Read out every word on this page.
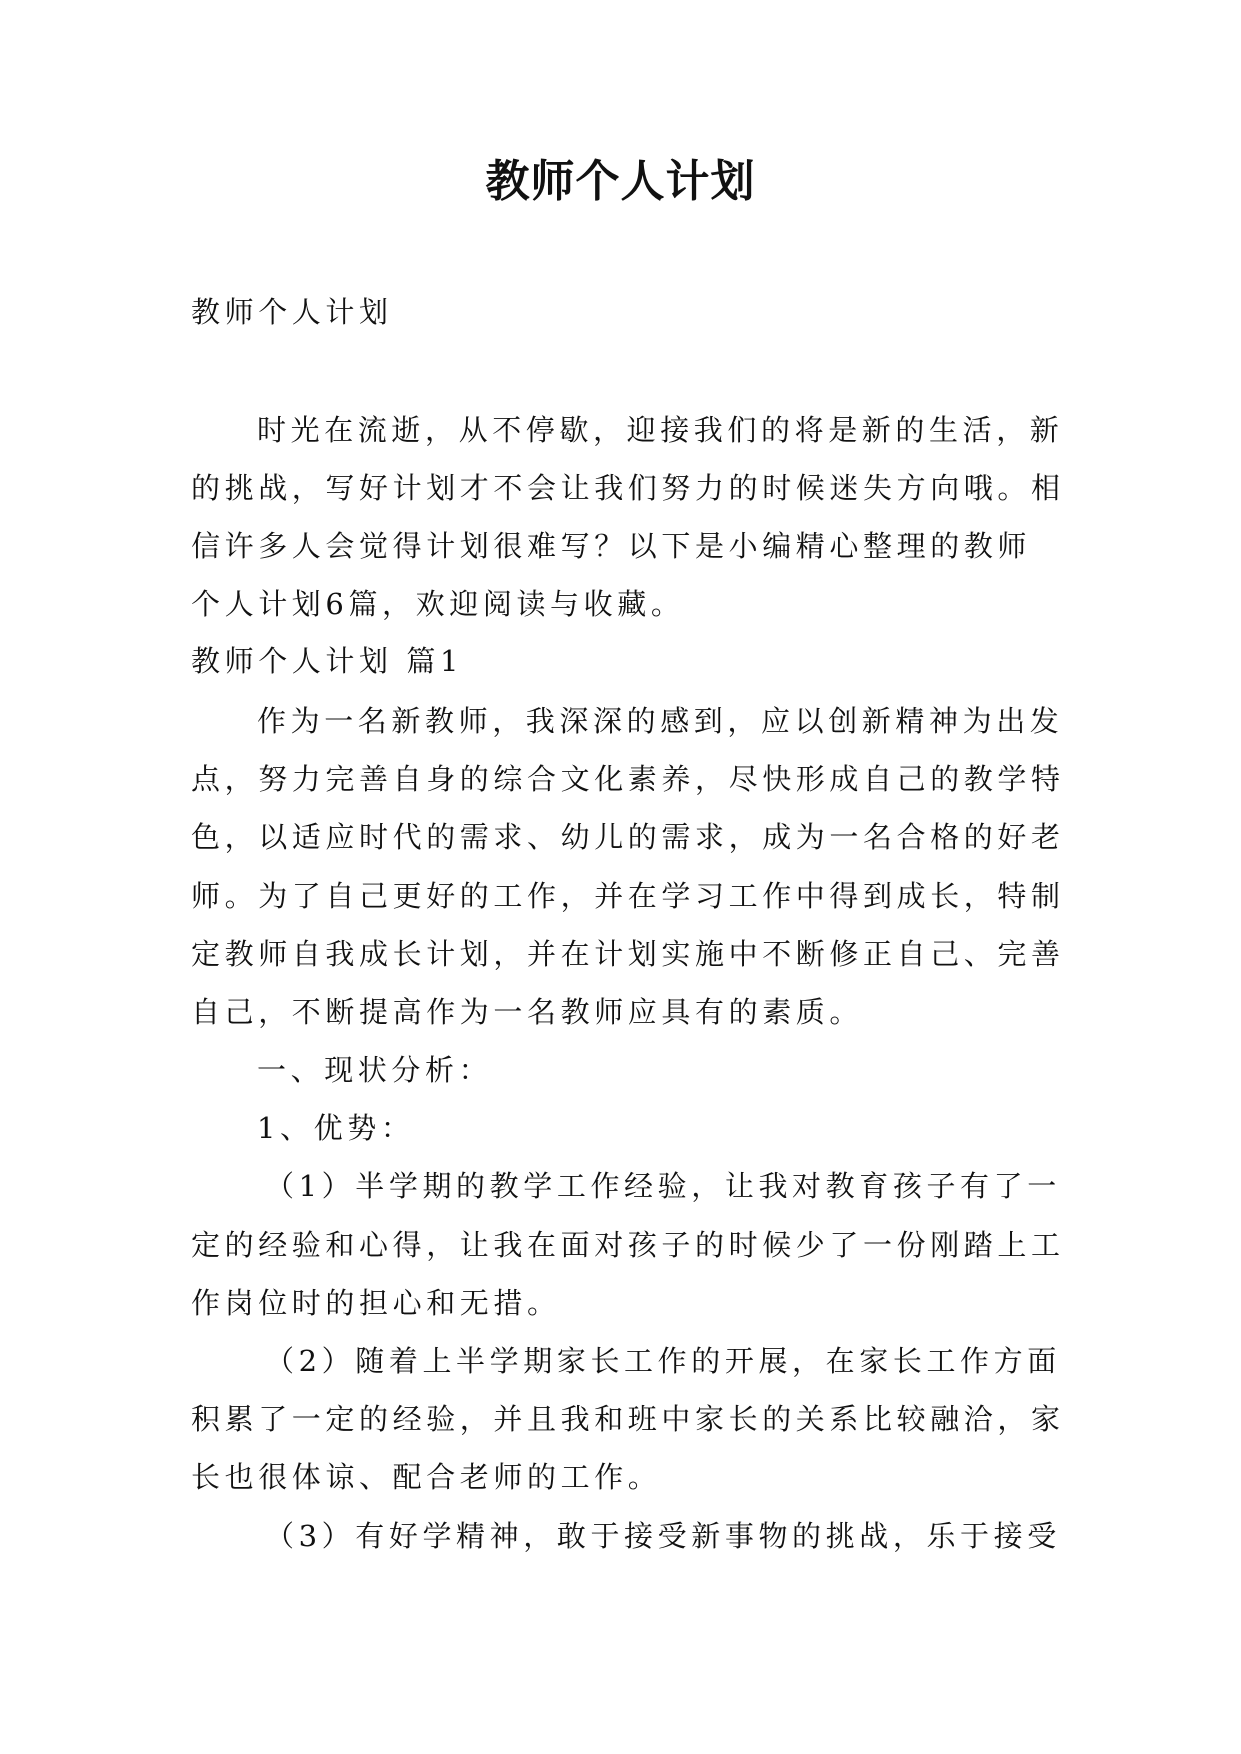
教师个人计划
教师个人计划
时光在流逝，从不停歇，迎接我们的将是新的生活，新
的挑战，写好计划才不会让我们努力的时候迷失方向哦。相
信许多人会觉得计划很难写？以下是小编精心整理的教师
个人计划6篇，欢迎阅读与收藏。
教师个人计划 篇1
作为一名新教师，我深深的感到，应以创新精神为出发
点，努力完善自身的综合文化素养，尽快形成自己的教学特
色，以适应时代的需求、幼儿的需求，成为一名合格的好老
师。为了自己更好的工作，并在学习工作中得到成长，特制
定教师自我成长计划，并在计划实施中不断修正自己、完善
自己，不断提高作为一名教师应具有的素质。
一、现状分析：
1、优势：
（1）半学期的教学工作经验，让我对教育孩子有了一
定的经验和心得，让我在面对孩子的时候少了一份刚踏上工
作岗位时的担心和无措。
（2）随着上半学期家长工作的开展，在家长工作方面
积累了一定的经验，并且我和班中家长的关系比较融洽，家
长也很体谅、配合老师的工作。
（3）有好学精神，敢于接受新事物的挑战，乐于接受
